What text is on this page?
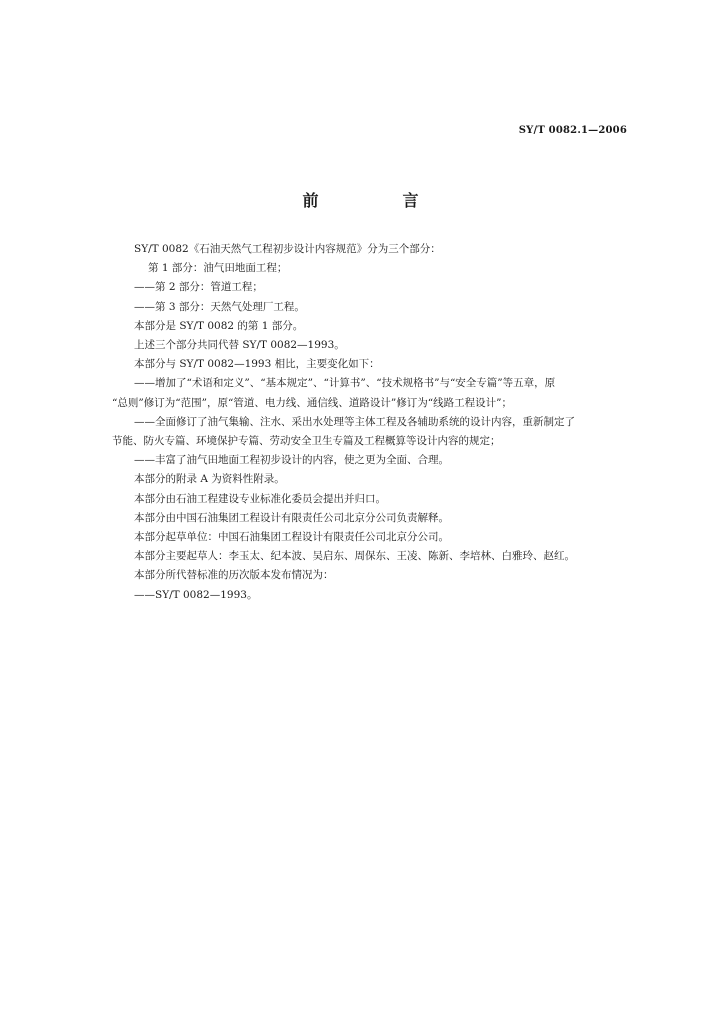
SY/T 0082.1—2006
前　言
SY/T 0082《石油天然气工程初步设计内容规范》分为三个部分：
第 1 部分：油气田地面工程；
——第 2 部分：管道工程；
——第 3 部分：天然气处理厂工程。
本部分是 SY/T 0082 的第 1 部分。
上述三个部分共同代替 SY/T 0082—1993。
本部分与 SY/T 0082—1993 相比，主要变化如下：
——增加了“术语和定义”、“基本规定”、“计算书”、“技术规格书”与“安全专篇”等五章，原
“总则”修订为“范围”，原“管道、电力线、通信线、道路设计”修订为“线路工程设计”；
——全面修订了油气集输、注水、采出水处理等主体工程及各辅助系统的设计内容，重新制定了
节能、防火专篇、环境保护专篇、劳动安全卫生专篇及工程概算等设计内容的规定；
——丰富了油气田地面工程初步设计的内容，使之更为全面、合理。
本部分的附录 A 为资料性附录。
本部分由石油工程建设专业标准化委员会提出并归口。
本部分由中国石油集团工程设计有限责任公司北京分公司负责解释。
本部分起草单位：中国石油集团工程设计有限责任公司北京分公司。
本部分主要起草人：李玉太、纪本波、吴启东、周保东、王凌、陈新、李培林、白雅玲、赵红。
本部分所代替标准的历次版本发布情况为：
——SY/T 0082—1993。
